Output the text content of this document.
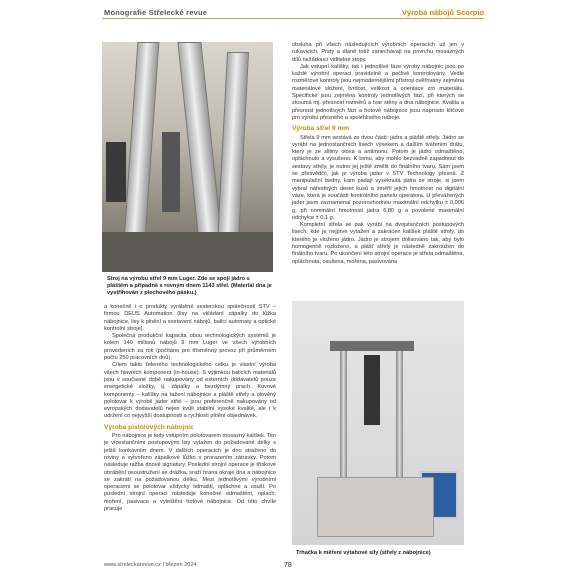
Monografie Střelecké revue	Výroba nábojů Scorpio
Stroj na výrobu střel 9 mm Luger. Zde se spojí jádro s pláštěm a připadně s rovným dnem 1143 střel. (Materiál dna je vystřihován z plechového pásku.)

a konečně i o produkty vyráběné sesterskou společností STV – firmou DEUS Automation (lisy na vkládání zápalky do lůžka nábojnice, lisy k plnění a sestavení nábojů, balicí automaty a optické kontrolní stroje).

Společná produkční kapacita obou technologických systémů je kolem 140 milionů nábojů 9 mm Luger ve všech výrobních provedeních za rok (počítáno pro třísměnný provoz při průměrném počtu 250 pracovních dnů).

Cílem takto ťeleného technologického celku je vlastní výroba všech hlavních komponent (in-house). S výjimkou balicích materiálů jsou v současné době nakupovány od externích dodavatelů pouze energetické složky, tj. zápalky a bezdýmný prach. Kovové komponenty – kalíšky na tažení nábojnice a pláště střely a olověný polotovar k výrobě jader střel – jsou preferenčně nakupovány od evropských dodavatelů nejen kvůli stabilní vysoké kvalitě, ale i k udržení co nejvyšší dostupnosti a rychlosti plnění objednávek.

Výroba pistolových nábojnic

Pro nábojnice je tedy vstupním polotovarem mosazný kalíšek. Ten je vícestančními postupovými lisy vytažen do požadované délky s ještě konkávním dnem. V dalších operacích je dno straženo do roviny a vytvořeno zápalkové lůžko s prorazením zátravky. Potom následuje ražba dnové signatury. Poslední strojní operace je třískové obrábění osoustružení se drážka, sraží hrana okraje dna a nábojnice se zakrátí na požadovanou délku. Mezi jednotlivými výrobními operacemi se polotovar vždycky odmaští, opláchne a osuší. Po poslední strojní operaci následuje konečné odmaštění, oplach, moření, pasivace a vyleštění hotové nábojnice. Od této chvíle pracuje

obsluha při všech následujících výrobních operacích už jen v rukavicích. Prsty a dlaně totiž zanechávají na povrchu mosazných dílů nežádoucí viditelné stopy.

Jak vstupní kalíšky, tak i jednotlivé fáze výroby nábojnic jsou po každé výrobní operaci pravidelně a pečlivě kontrolovány. Vedle rozměrové kontroly jsou nejmodernějšími přístroji ověřovány zejména materiálové složení, tvrdost, velikost a orientace zrn materiálu. Specifické jsou zejména kontroly jednotlivých fází, při kterých se zkoumá mj. přesnost rozměrů a tvar stěny a dna nábojnice. Kvalita a přesnost jednotlivých fází a hotové nábojnice jsou naprosto klíčové pro výrobu přesného a spolehlivého náboje.

Výroba střel 9 mm

Střela 9 mm sestává ze dvou částí: jádra a pláště střely. Jádro se vyrábí na jednostančních lisech výsekem a dalším tvářením drátu, který je ze slitiny olova a antimonu. Potom je jádro odmaštěno, opláchnuto a vysušeno. K tomu, aby mohlo bezvadně zapadnout do sestavy střely, je nutno jej ještě změlit do finálního tvaru. Sám jsem se přesvědčil, jak je výroba jader v STV Technology přesná. Z manipulační bedny, kam padají vyseknutá jádra ze stroje, si jsem vybral náhodných deset kusů a změřil jejich hmotnost na digitální váze, která je součástí kontrolního panelu operátora. U převážených jader jsem zaznamenal pozorovhodnou maximální odchylku ± 0,006 g, při nominální hmotnosti jádra 6,80 g a povolené maximální odchylce ± 0,1 g.

Kompletní střela se pak vyrábí na dvojstančních postupových lisech, kde je nejprve vytažen a zakrácen kalíšek pláště střely, do kterého je vloženo jádro. Jádro je strojem dolisováno tak, aby bylo homogenně rozloženo, a plášť střely je následně zakroužen do finálního tvaru. Po ukončení této strojní operace je střela odmaštěna, opláchnuta, osušena, mořena, pasivována

Trhačka k měření výtahové síly (střely z nábojnice)
www.streleckarevue.cz | březen 2024	78
